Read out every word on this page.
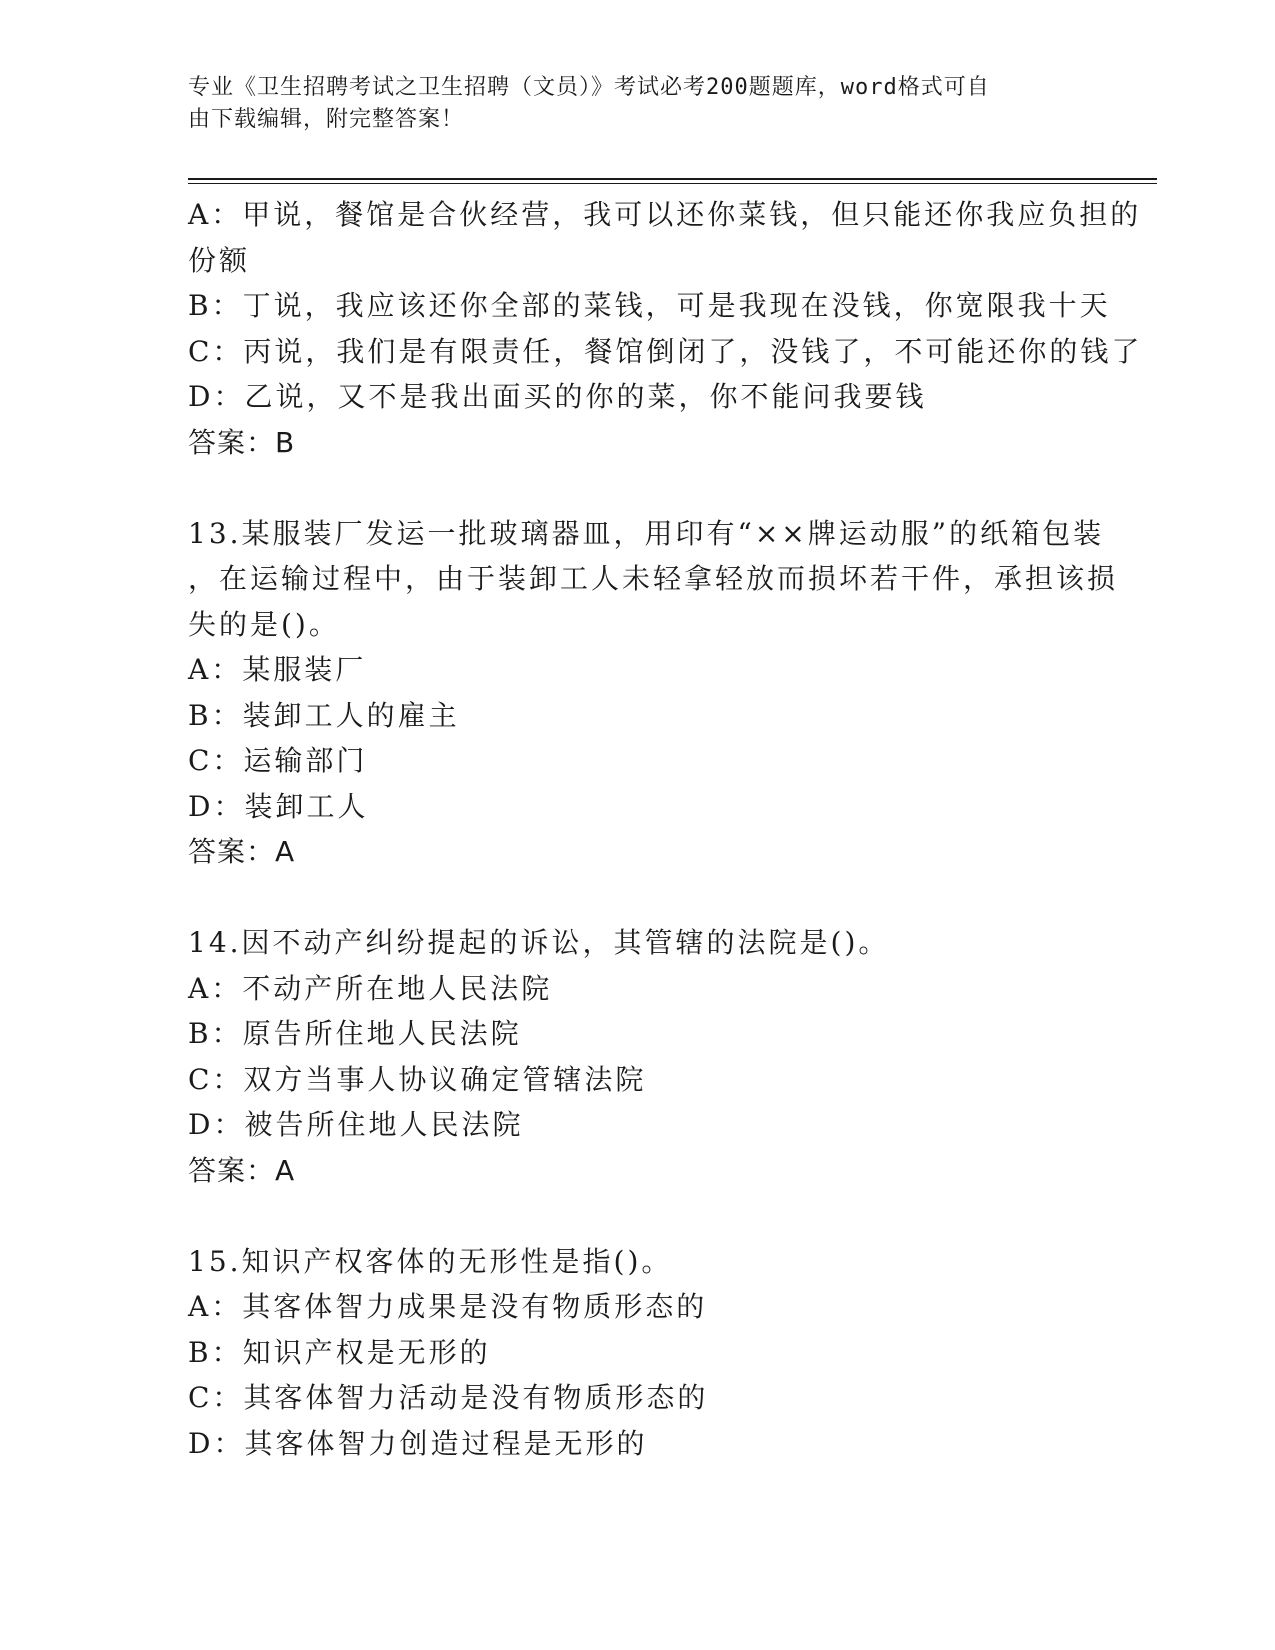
专业《卫生招聘考试之卫生招聘（文员）》考试必考200题题库，word格式可自
由下载编辑，附完整答案！
A：甲说，餐馆是合伙经营，我可以还你菜钱，但只能还你我应负担的
份额
B：丁说，我应该还你全部的菜钱，可是我现在没钱，你宽限我十天
C：丙说，我们是有限责任，餐馆倒闭了，没钱了，不可能还你的钱了
D：乙说，又不是我出面买的你的菜，你不能问我要钱
答案：B
13.某服装厂发运一批玻璃器皿，用印有“××牌运动服”的纸箱包装
，在运输过程中，由于装卸工人未轻拿轻放而损坏若干件，承担该损
失的是()。
A：某服装厂
B：装卸工人的雇主
C：运输部门
D：装卸工人
答案：A
14.因不动产纠纷提起的诉讼，其管辖的法院是()。
A：不动产所在地人民法院
B：原告所住地人民法院
C：双方当事人协议确定管辖法院
D：被告所住地人民法院
答案：A
15.知识产权客体的无形性是指()。
A：其客体智力成果是没有物质形态的
B：知识产权是无形的
C：其客体智力活动是没有物质形态的
D：其客体智力创造过程是无形的
